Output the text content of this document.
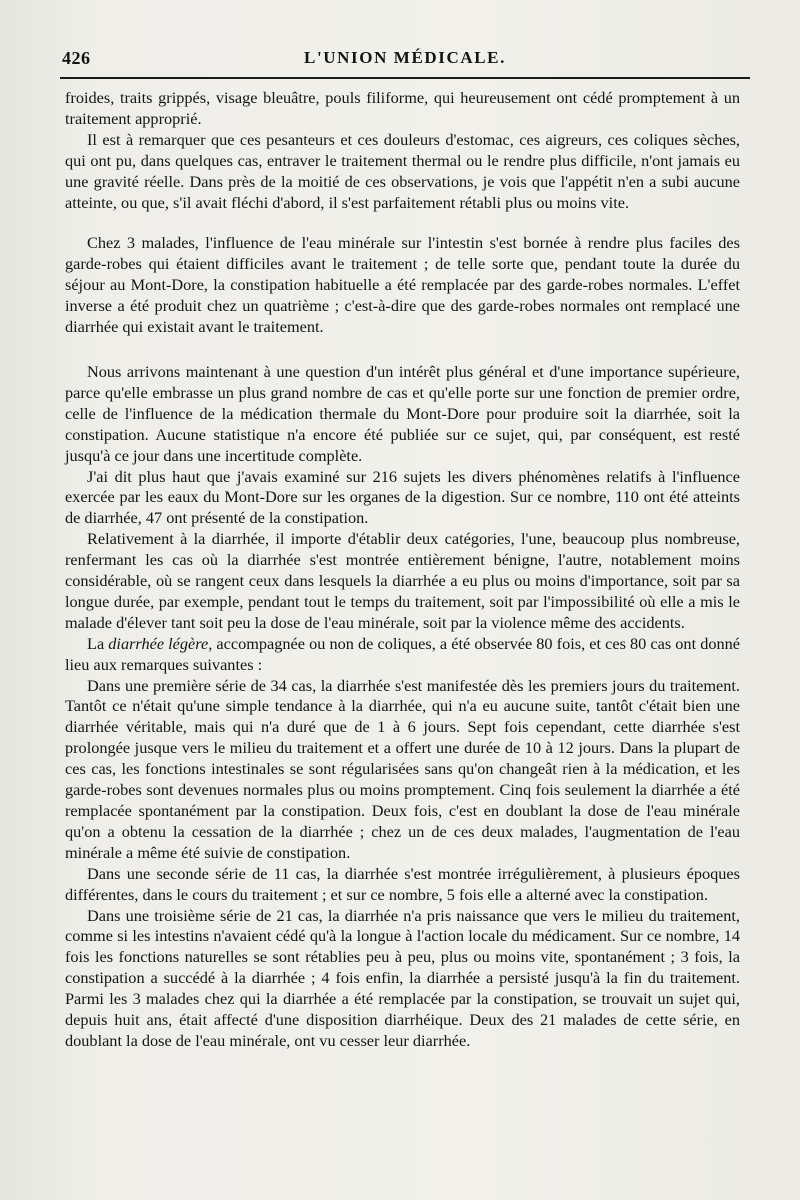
426	L'UNION MÉDICALE.

froides, traits grippés, visage bleuâtre, pouls filiforme, qui heureusement ont cédé promptement à un traitement approprié.

Il est à remarquer que ces pesanteurs et ces douleurs d'estomac, ces aigreurs, ces coliques sèches, qui ont pu, dans quelques cas, entraver le traitement thermal ou le rendre plus difficile, n'ont jamais eu une gravité réelle. Dans près de la moitié de ces observations, je vois que l'appétit n'en a subi aucune atteinte, ou que, s'il avait fléchi d'abord, il s'est parfaitement rétabli plus ou moins vite.

Chez 3 malades, l'influence de l'eau minérale sur l'intestin s'est bornée à rendre plus faciles des garde-robes qui étaient difficiles avant le traitement ; de telle sorte que, pendant toute la durée du séjour au Mont-Dore, la constipation habituelle a été remplacée par des garde-robes normales. L'effet inverse a été produit chez un quatrième ; c'est-à-dire que des garde-robes normales ont remplacé une diarrhée qui existait avant le traitement.

Nous arrivons maintenant à une question d'un intérêt plus général et d'une importance supérieure, parce qu'elle embrasse un plus grand nombre de cas et qu'elle porte sur une fonction de premier ordre, celle de l'influence de la médication thermale du Mont-Dore pour produire soit la diarrhée, soit la constipation. Aucune statistique n'a encore été publiée sur ce sujet, qui, par conséquent, est resté jusqu'à ce jour dans une incertitude complète.

J'ai dit plus haut que j'avais examiné sur 216 sujets les divers phénomènes relatifs à l'influence exercée par les eaux du Mont-Dore sur les organes de la digestion. Sur ce nombre, 110 ont été atteints de diarrhée, 47 ont présenté de la constipation.

Relativement à la diarrhée, il importe d'établir deux catégories, l'une, beaucoup plus nombreuse, renfermant les cas où la diarrhée s'est montrée entièrement bénigne, l'autre, notablement moins considérable, où se rangent ceux dans lesquels la diarrhée a eu plus ou moins d'importance, soit par sa longue durée, par exemple, pendant tout le temps du traitement, soit par l'impossibilité où elle a mis le malade d'élever tant soit peu la dose de l'eau minérale, soit par la violence même des accidents.

La diarrhée légère, accompagnée ou non de coliques, a été observée 80 fois, et ces 80 cas ont donné lieu aux remarques suivantes :

Dans une première série de 34 cas, la diarrhée s'est manifestée dès les premiers jours du traitement. Tantôt ce n'était qu'une simple tendance à la diarrhée, qui n'a eu aucune suite, tantôt c'était bien une diarrhée véritable, mais qui n'a duré que de 1 à 6 jours. Sept fois cependant, cette diarrhée s'est prolongée jusque vers le milieu du traitement et a offert une durée de 10 à 12 jours. Dans la plupart de ces cas, les fonctions intestinales se sont régularisées sans qu'on changeât rien à la médication, et les garde-robes sont devenues normales plus ou moins promptement. Cinq fois seulement la diarrhée a été remplacée spontanément par la constipation. Deux fois, c'est en doublant la dose de l'eau minérale qu'on a obtenu la cessation de la diarrhée ; chez un de ces deux malades, l'augmentation de l'eau minérale a même été suivie de constipation.

Dans une seconde série de 11 cas, la diarrhée s'est montrée irrégulièrement, à plusieurs époques différentes, dans le cours du traitement ; et sur ce nombre, 5 fois elle a alterné avec la constipation.

Dans une troisième série de 21 cas, la diarrhée n'a pris naissance que vers le milieu du traitement, comme si les intestins n'avaient cédé qu'à la longue à l'action locale du médicament. Sur ce nombre, 14 fois les fonctions naturelles se sont rétablies peu à peu, plus ou moins vite, spontanément ; 3 fois, la constipation a succédé à la diarrhée ; 4 fois enfin, la diarrhée a persisté jusqu'à la fin du traitement. Parmi les 3 malades chez qui la diarrhée a été remplacée par la constipation, se trouvait un sujet qui, depuis huit ans, était affecté d'une disposition diarrhéique. Deux des 21 malades de cette série, en doublant la dose de l'eau minérale, ont vu cesser leur diarrhée.
